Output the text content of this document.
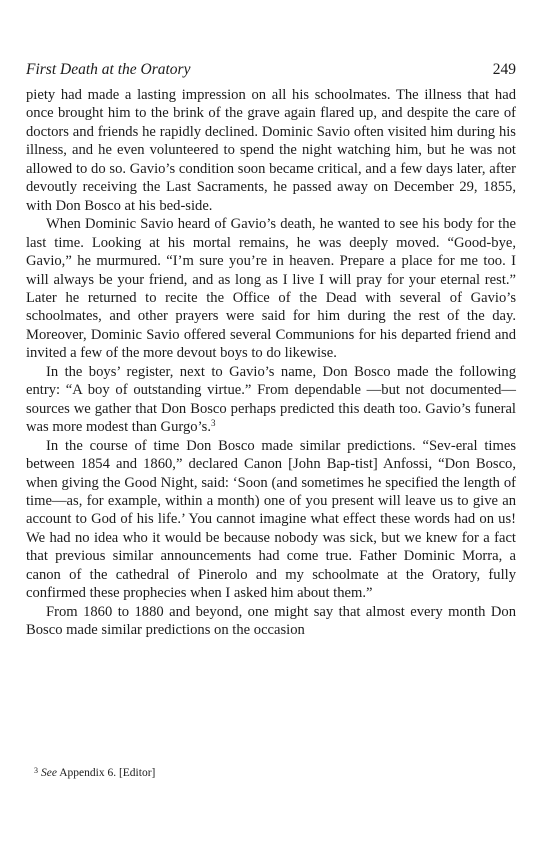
First Death at the Oratory	249

piety had made a lasting impression on all his schoolmates. The illness that had once brought him to the brink of the grave again flared up, and despite the care of doctors and friends he rapidly declined. Dominic Savio often visited him during his illness, and he even volunteered to spend the night watching him, but he was not allowed to do so. Gavio’s condition soon became critical, and a few days later, after devoutly receiving the Last Sacraments, he passed away on December 29, 1855, with Don Bosco at his bed-side.

When Dominic Savio heard of Gavio’s death, he wanted to see his body for the last time. Looking at his mortal remains, he was deeply moved. “Good-bye, Gavio,” he murmured. “I’m sure you’re in heaven. Prepare a place for me too. I will always be your friend, and as long as I live I will pray for your eternal rest.” Later he returned to recite the Office of the Dead with several of Gavio’s schoolmates, and other prayers were said for him during the rest of the day. Moreover, Dominic Savio offered several Communions for his departed friend and invited a few of the more devout boys to do likewise.

In the boys’ register, next to Gavio’s name, Don Bosco made the following entry: “A boy of outstanding virtue.” From dependable —but not documented—sources we gather that Don Bosco perhaps predicted this death too. Gavio’s funeral was more modest than Gurgo’s.$^3$

In the course of time Don Bosco made similar predictions. “Sev-eral times between 1854 and 1860,” declared Canon [John Bap-tist] Anfossi, “Don Bosco, when giving the Good Night, said: ‘Soon (and sometimes he specified the length of time—as, for example, within a month) one of you present will leave us to give an account to God of his life.’ You cannot imagine what effect these words had on us! We had no idea who it would be because nobody was sick, but we knew for a fact that previous similar announcements had come true. Father Dominic Morra, a canon of the cathedral of Pinerolo and my schoolmate at the Oratory, fully confirmed these prophecies when I asked him about them.”

From 1860 to 1880 and beyond, one might say that almost every month Don Bosco made similar predictions on the occasion

$^3$ See Appendix 6. [Editor]
